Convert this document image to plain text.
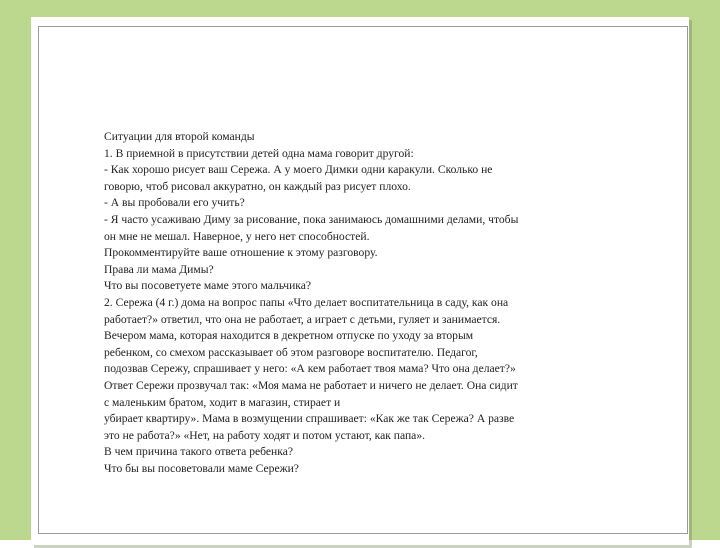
Ситуации для второй команды

1. В приемной в присутствии детей одна мама говорит другой:

- Как хорошо рисует ваш Сережа. А у моего Димки одни каракули. Сколько не

говорю, чтоб рисовал аккуратно, он каждый раз рисует плохо.

- А вы пробовали его учить?

- Я часто усаживаю Диму за рисование, пока занимаюсь домашними делами, чтобы

он мне не мешал. Наверное, у него нет способностей.

Прокомментируйте ваше отношение к этому разговору.

Права ли мама Димы?

Что вы посоветуете маме этого мальчика?

2. Сережа (4 г.) дома на вопрос папы «Что делает воспитательница в саду, как она

работает?» ответил, что она не работает, а играет с детьми, гуляет и занимается.

Вечером мама, которая находится в декретном отпуске по уходу за вторым

ребенком, со смехом рассказывает об этом разговоре воспитателю. Педагог,

подозвав Сережу, спрашивает у него: «А кем работает твоя мама? Что она делает?»

Ответ Сережи прозвучал так: «Моя мама не работает и ничего не делает. Она сидит

с маленьким братом, ходит в магазин, стирает и

убирает квартиру». Мама в возмущении спрашивает: «Как же так Сережа? А разве

это не работа?» «Нет, на работу ходят и потом устают, как папа».

В чем причина такого ответа ребенка?

Что бы вы посоветовали маме Сережи?
